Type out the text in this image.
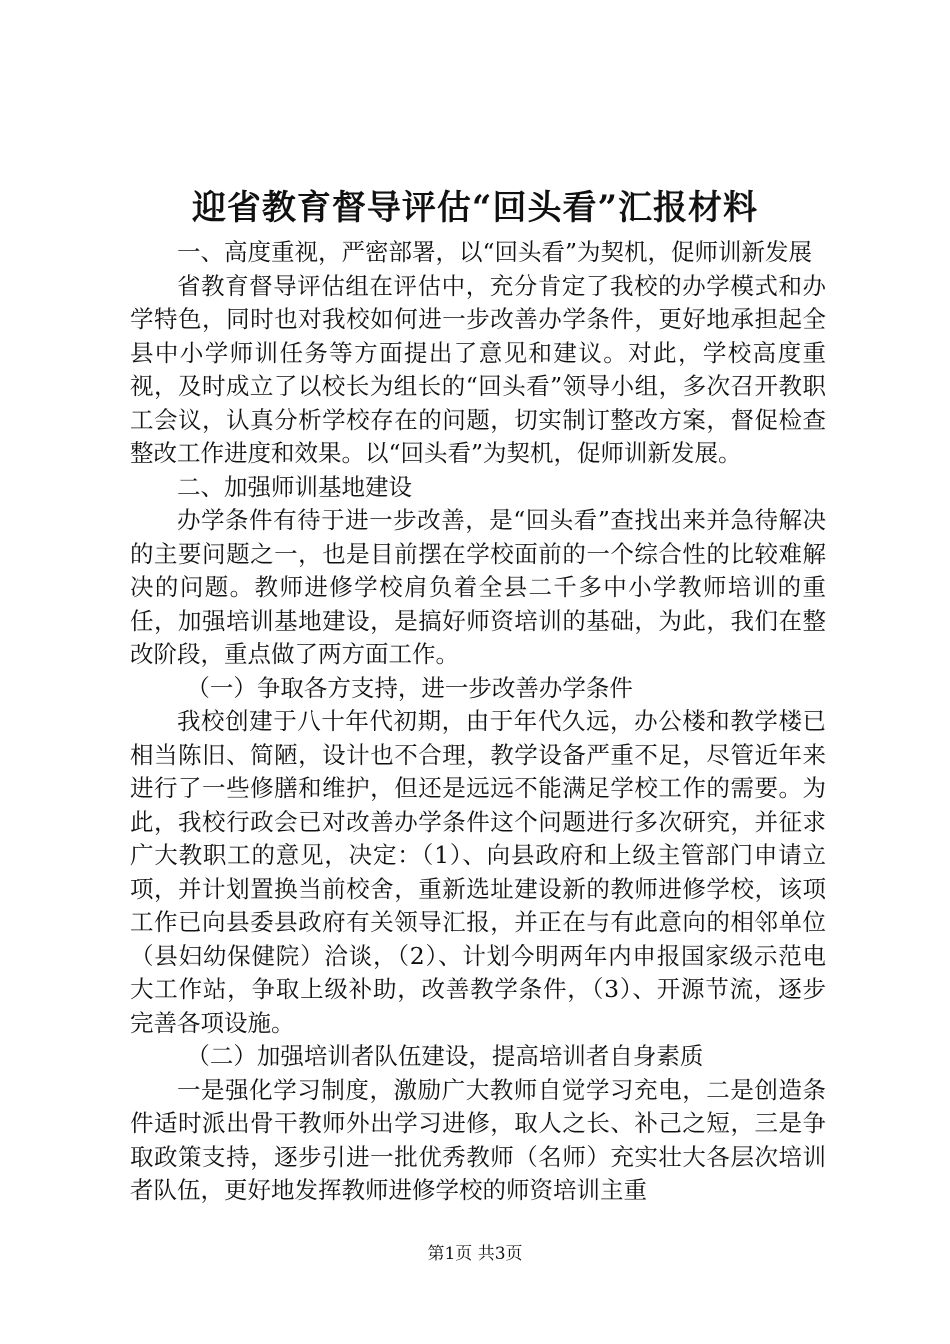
迎省教育督导评估“回头看”汇报材料

一、高度重视，严密部署，以“回头看”为契机，促师训新发展

省教育督导评估组在评估中，充分肯定了我校的办学模式和办学特色，同时也对我校如何进一步改善办学条件，更好地承担起全县中小学师训任务等方面提出了意见和建议。对此，学校高度重视，及时成立了以校长为组长的“回头看”领导小组，多次召开教职工会议，认真分析学校存在的问题，切实制订整改方案，督促检查整改工作进度和效果。以“回头看”为契机，促师训新发展。

二、加强师训基地建设

办学条件有待于进一步改善，是“回头看”查找出来并急待解决的主要问题之一，也是目前摆在学校面前的一个综合性的比较难解决的问题。教师进修学校肩负着全县二千多中小学教师培训的重任，加强培训基地建设，是搞好师资培训的基础，为此，我们在整改阶段，重点做了两方面工作。

（一）争取各方支持，进一步改善办学条件

我校创建于八十年代初期，由于年代久远，办公楼和教学楼已相当陈旧、简陋，设计也不合理，教学设备严重不足，尽管近年来进行了一些修膳和维护，但还是远远不能满足学校工作的需要。为此，我校行政会已对改善办学条件这个问题进行多次研究，并征求广大教职工的意见，决定：（1）、向县政府和上级主管部门申请立项，并计划置换当前校舍，重新选址建设新的教师进修学校，该项工作已向县委县政府有关领导汇报，并正在与有此意向的相邻单位（县妇幼保健院）洽谈，（2）、计划今明两年内申报国家级示范电大工作站，争取上级补助，改善教学条件，（3）、开源节流，逐步完善各项设施。

（二）加强培训者队伍建设，提高培训者自身素质

一是强化学习制度，激励广大教师自觉学习充电，二是创造条件适时派出骨干教师外出学习进修，取人之长、补己之短，三是争取政策支持，逐步引进一批优秀教师（名师）充实壮大各层次培训者队伍，更好地发挥教师进修学校的师资培训主重

第1页 共3页
